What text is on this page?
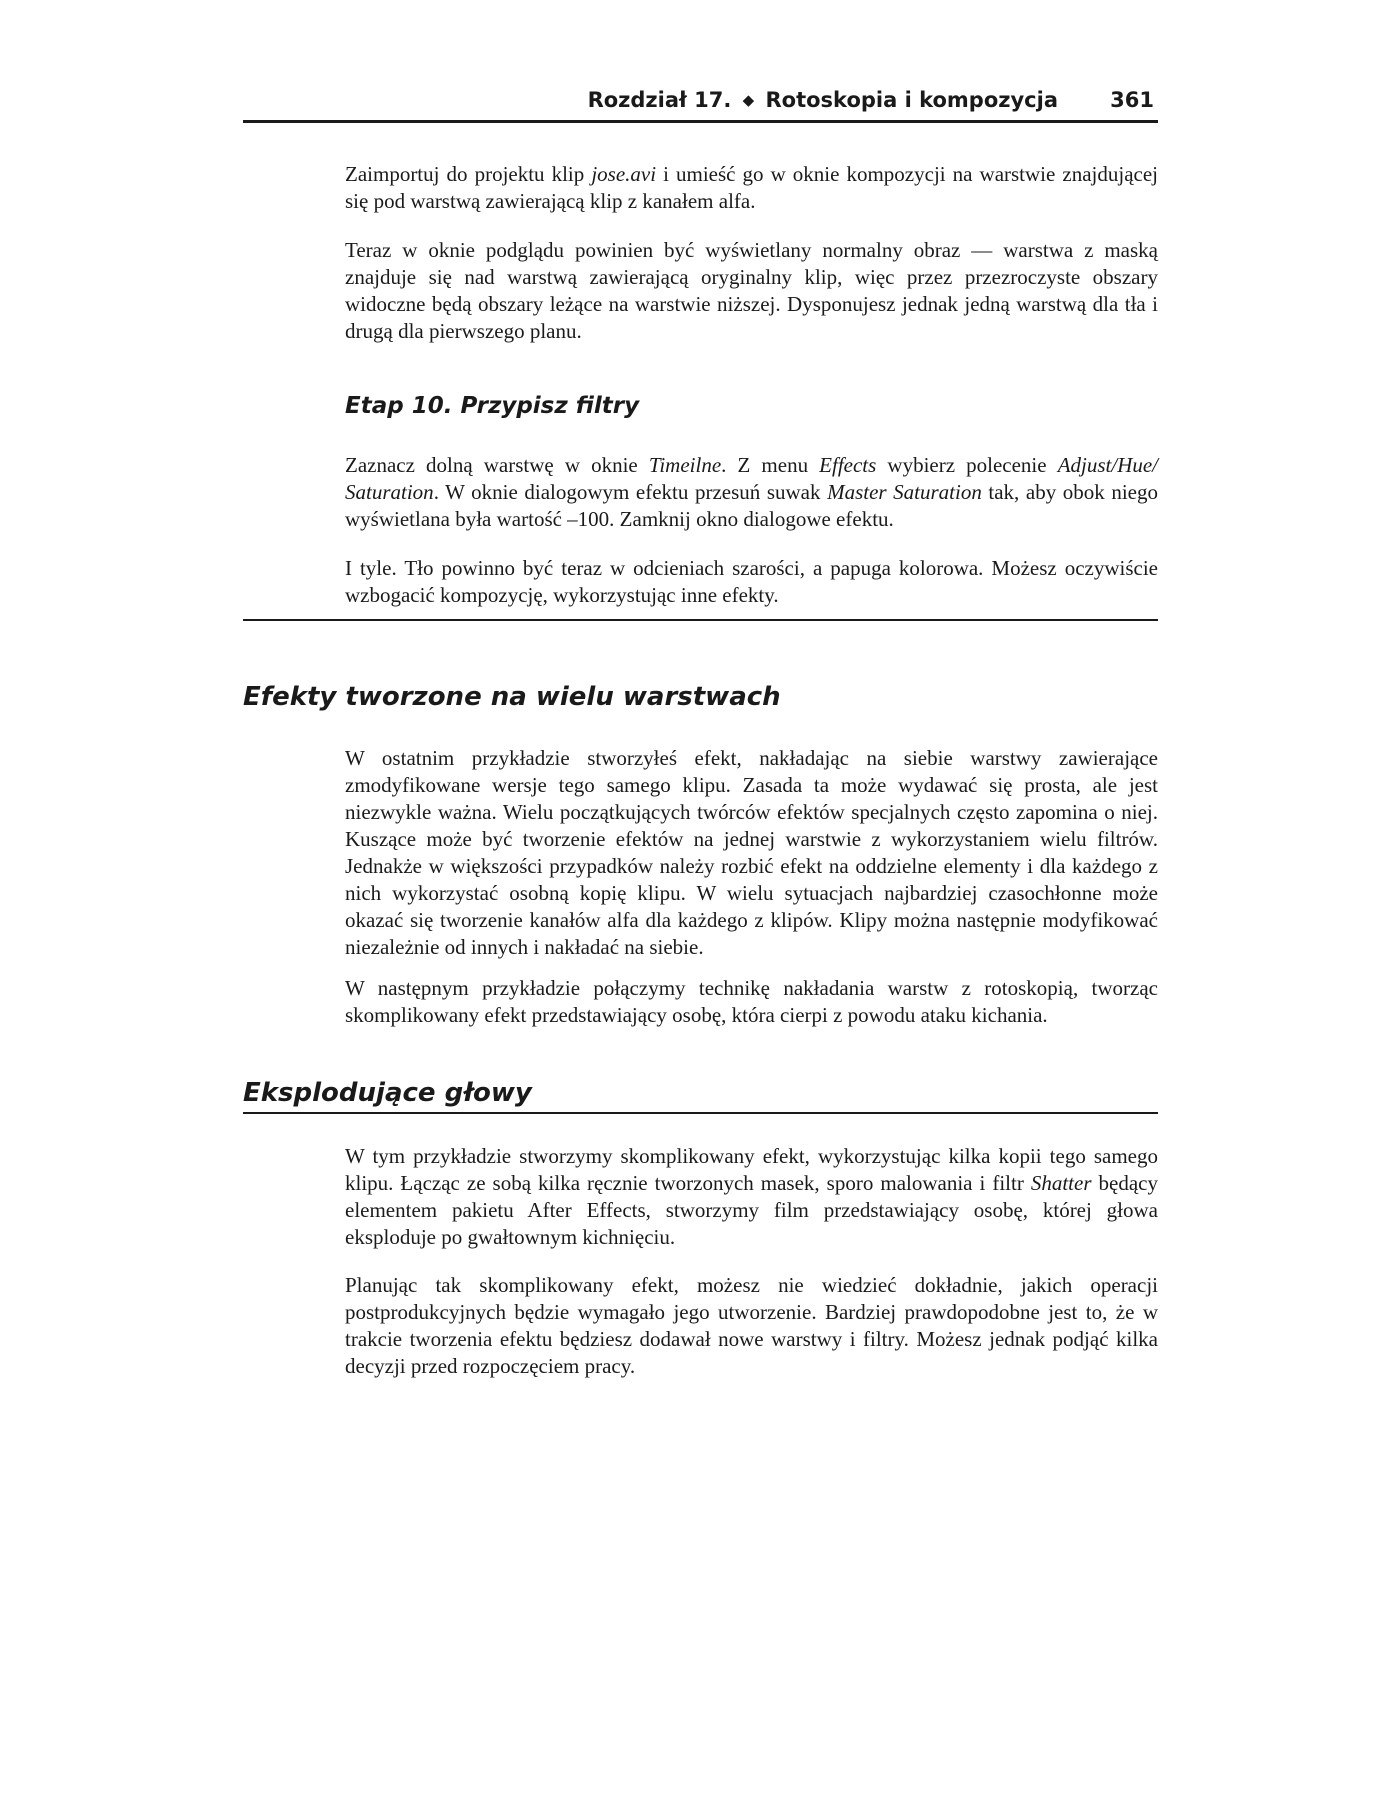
Rozdział 17. ◆ Rotoskopia i kompozycja 361

Zaimportuj do projektu klip jose.avi i umieść go w oknie kompozycji na warstwie znajdującej się pod warstwą zawierającą klip z kanałem alfa.

Teraz w oknie podglądu powinien być wyświetlany normalny obraz — warstwa z maską znajduje się nad warstwą zawierającą oryginalny klip, więc przez przezroczyste obszary widoczne będą obszary leżące na warstwie niższej. Dysponujesz jednak jedną warstwą dla tła i drugą dla pierwszego planu.

Etap 10. Przypisz filtry

Zaznacz dolną warstwę w oknie Timeilne. Z menu Effects wybierz polecenie Adjust/Hue/ Saturation. W oknie dialogowym efektu przesuń suwak Master Saturation tak, aby obok niego wyświetlana była wartość –100. Zamknij okno dialogowe efektu.

I tyle. Tło powinno być teraz w odcieniach szarości, a papuga kolorowa. Możesz oczywiście wzbogacić kompozycję, wykorzystując inne efekty.

Efekty tworzone na wielu warstwach

W ostatnim przykładzie stworzyłeś efekt, nakładając na siebie warstwy zawierające zmodyfikowane wersje tego samego klipu. Zasada ta może wydawać się prosta, ale jest niezwykle ważna. Wielu początkujących twórców efektów specjalnych często zapomina o niej. Kuszące może być tworzenie efektów na jednej warstwie z wykorzystaniem wielu filtrów. Jednakże w większości przypadków należy rozbić efekt na oddzielne elementy i dla każdego z nich wykorzystać osobną kopię klipu. W wielu sytuacjach najbardziej czasochłonne może okazać się tworzenie kanałów alfa dla każdego z klipów. Klipy można następnie modyfikować niezależnie od innych i nakładać na siebie.

W następnym przykładzie połączymy technikę nakładania warstw z rotoskopią, tworząc skomplikowany efekt przedstawiający osobę, która cierpi z powodu ataku kichania.

Eksplodujące głowy

W tym przykładzie stworzymy skomplikowany efekt, wykorzystując kilka kopii tego samego klipu. Łącząc ze sobą kilka ręcznie tworzonych masek, sporo malowania i filtr Shatter będący elementem pakietu After Effects, stworzymy film przedstawiający osobę, której głowa eksploduje po gwałtownym kichnięciu.

Planując tak skomplikowany efekt, możesz nie wiedzieć dokładnie, jakich operacji postprodukcyjnych będzie wymagało jego utworzenie. Bardziej prawdopodobne jest to, że w trakcie tworzenia efektu będziesz dodawał nowe warstwy i filtry. Możesz jednak podjąć kilka decyzji przed rozpoczęciem pracy.
